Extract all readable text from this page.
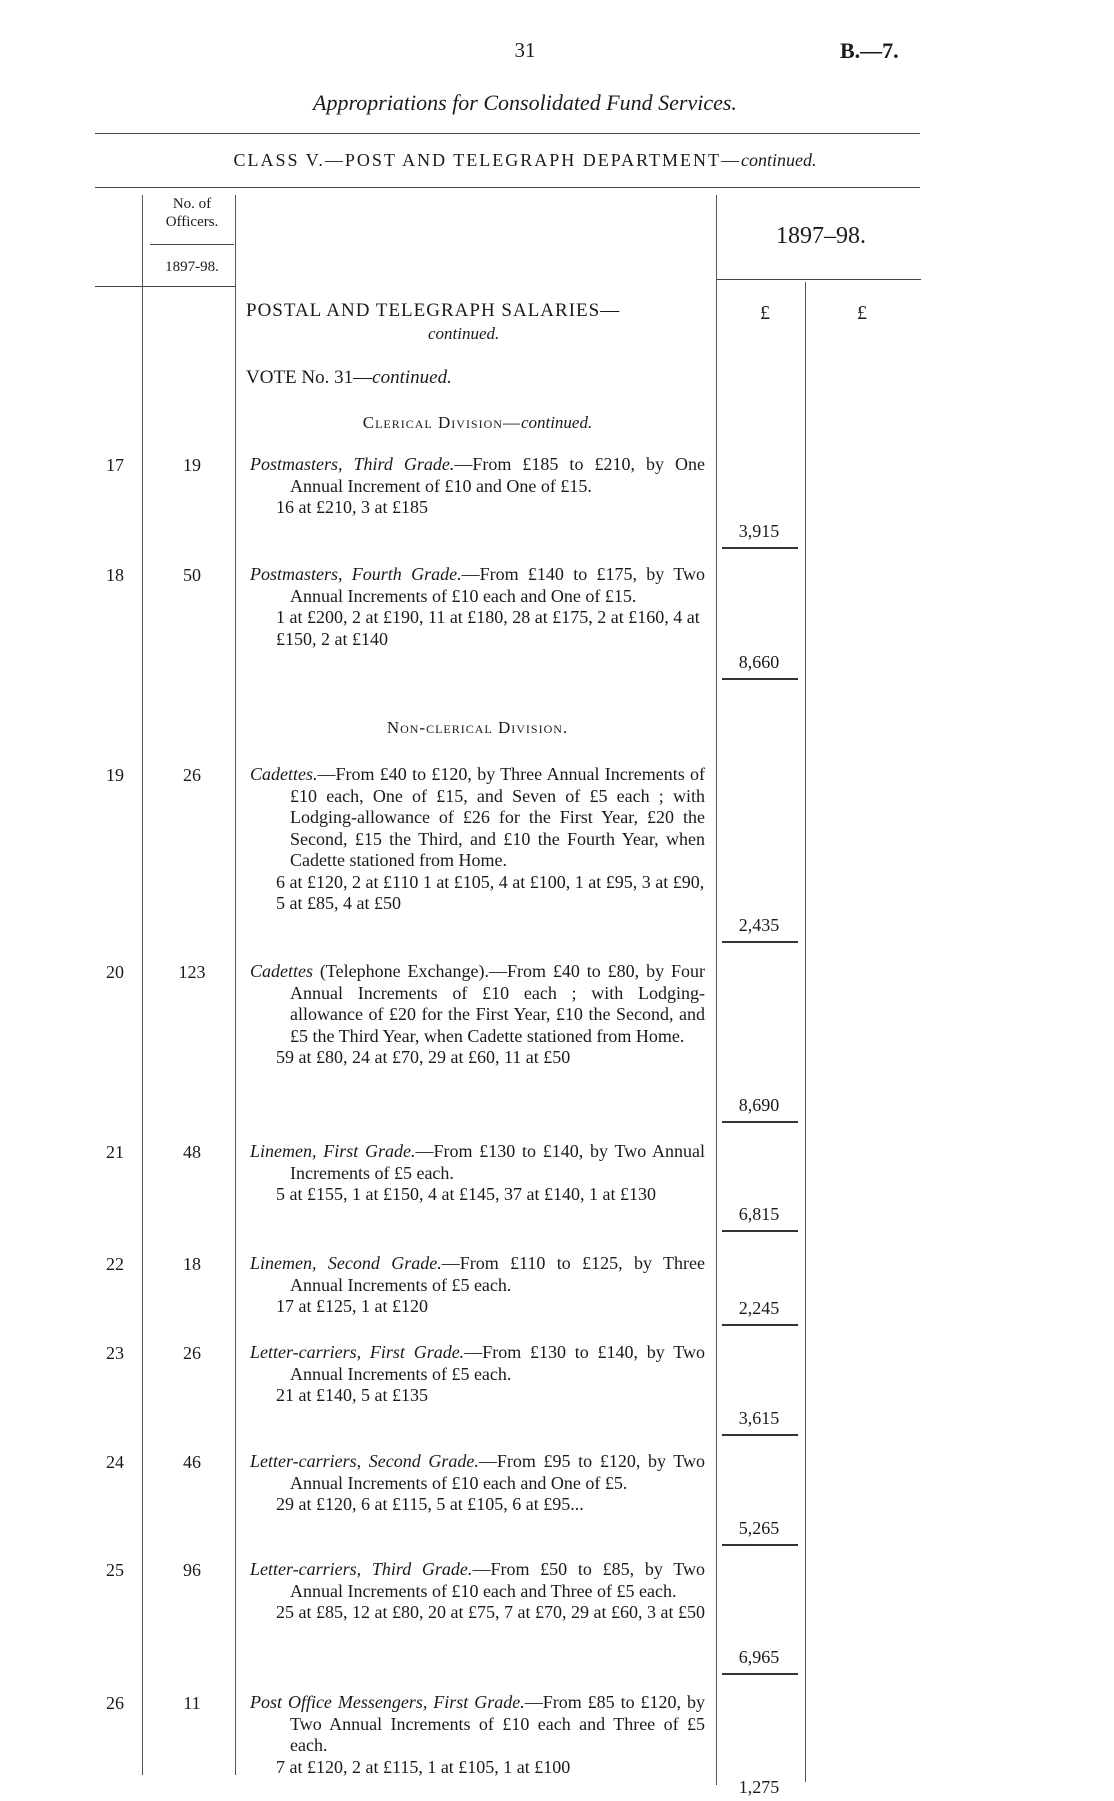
31	B.—7.
Appropriations for Consolidated Fund Services.
CLASS V.—POST AND TELEGRAPH DEPARTMENT—continued.
No. of Officers.
1897-98.
1897–98.
£	£
POSTAL AND TELEGRAPH SALARIES—
continued.
VOTE No. 31—continued.
Clerical Division—continued.
Non-clerical Division.
17	19	Postmasters, Third Grade.—From £185 to £210, by One Annual Increment of £10 and One of £15.
16 at £210, 3 at £185
3,915
18	50	Postmasters, Fourth Grade.—From £140 to £175, by Two Annual Increments of £10 each and One of £15.
1 at £200, 2 at £190, 11 at £180, 28 at £175, 2 at £160, 4 at £150, 2 at £140
8,660
19	26	Cadettes.—From £40 to £120, by Three Annual Increments of £10 each, One of £15, and Seven of £5 each ; with Lodging-allowance of £26 for the First Year, £20 the Second, £15 the Third, and £10 the Fourth Year, when Cadette stationed from Home.
6 at £120, 2 at £110 1 at £105, 4 at £100, 1 at £95, 3 at £90, 5 at £85, 4 at £50
2,435
20	123	Cadettes (Telephone Exchange).—From £40 to £80, by Four Annual Increments of £10 each ; with Lodging-allowance of £20 for the First Year, £10 the Second, and £5 the Third Year, when Cadette stationed from Home.
59 at £80, 24 at £70, 29 at £60, 11 at £50
8,690
21	48	Linemen, First Grade.—From £130 to £140, by Two Annual Increments of £5 each.
5 at £155, 1 at £150, 4 at £145, 37 at £140, 1 at £130
6,815
22	18	Linemen, Second Grade.—From £110 to £125, by Three Annual Increments of £5 each.
17 at £125, 1 at £120	2,245
23	26	Letter-carriers, First Grade.—From £130 to £140, by Two Annual Increments of £5 each.
21 at £140, 5 at £135
3,615
24	46	Letter-carriers, Second Grade.—From £95 to £120, by Two Annual Increments of £10 each and One of £5.
29 at £120, 6 at £115, 5 at £105, 6 at £95...
5,265
25	96	Letter-carriers, Third Grade.—From £50 to £85, by Two Annual Increments of £10 each and Three of £5 each.
25 at £85, 12 at £80, 20 at £75, 7 at £70, 29 at £60, 3 at £50
6,965
26	11	Post Office Messengers, First Grade.—From £85 to £120, by Two Annual Increments of £10 each and Three of £5 each.
7 at £120, 2 at £115, 1 at £105, 1 at £100
1,275
